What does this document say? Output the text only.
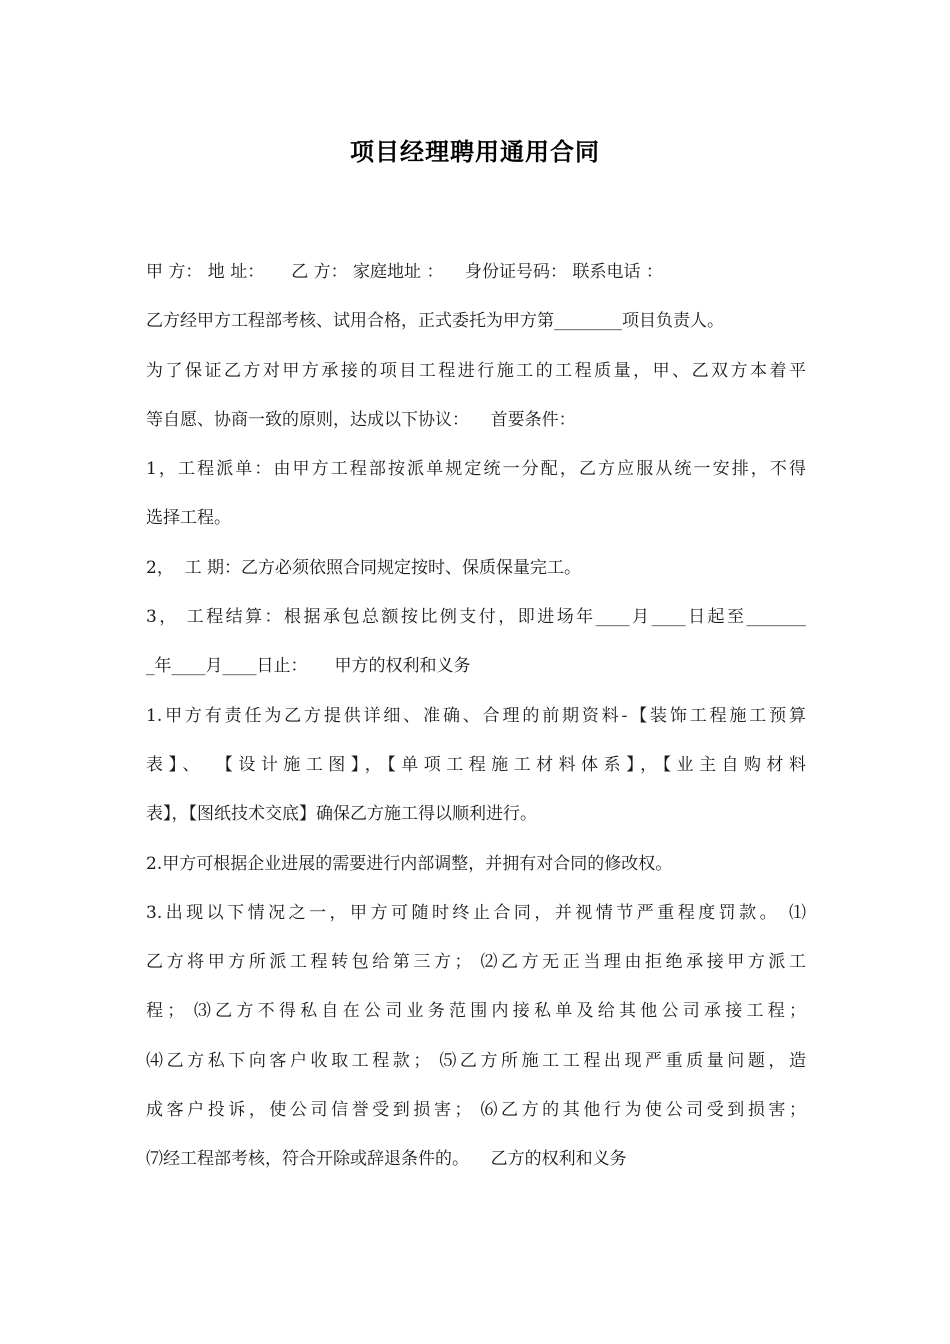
项目经理聘用通用合同
甲 方： 地 址：     乙 方： 家庭地址 ：    身份证号码： 联系电话 ：
乙方经甲方工程部考核、试用合格，正式委托为甲方第________项目负责人。
为了保证乙方对甲方承接的项目工程进行施工的工程质量，甲、乙双方本着平
等自愿、协商一致的原则，达成以下协议：    首要条件：
1，工程派单：由甲方工程部按派单规定统一分配，乙方应服从统一安排，不得
选择工程。
2，  工 期：乙方必须依照合同规定按时、保质保量完工。
3， 工程结算：根据承包总额按比例支付，即进场年____月____日起至_______
_年____月____日止：     甲方的权利和义务
1.甲方有责任为乙方提供详细、准确、合理的前期资料-【装饰工程施工预算
表】、 【设计施工图】，【单项工程施工材料体系】，【业主自购材料
表】，【图纸技术交底】确保乙方施工得以顺利进行。
2.甲方可根据企业进展的需要进行内部调整，并拥有对合同的修改权。
3.出现以下情况之一，甲方可随时终止合同，并视情节严重程度罚款。 ⑴
乙方将甲方所派工程转包给第三方； ⑵乙方无正当理由拒绝承接甲方派工
程； ⑶乙方不得私自在公司业务范围内接私单及给其他公司承接工程；
⑷乙方私下向客户收取工程款； ⑸乙方所施工工程出现严重质量问题，造
成客户投诉，使公司信誉受到损害； ⑹乙方的其他行为使公司受到损害；
⑺经工程部考核，符合开除或辞退条件的。    乙方的权利和义务
